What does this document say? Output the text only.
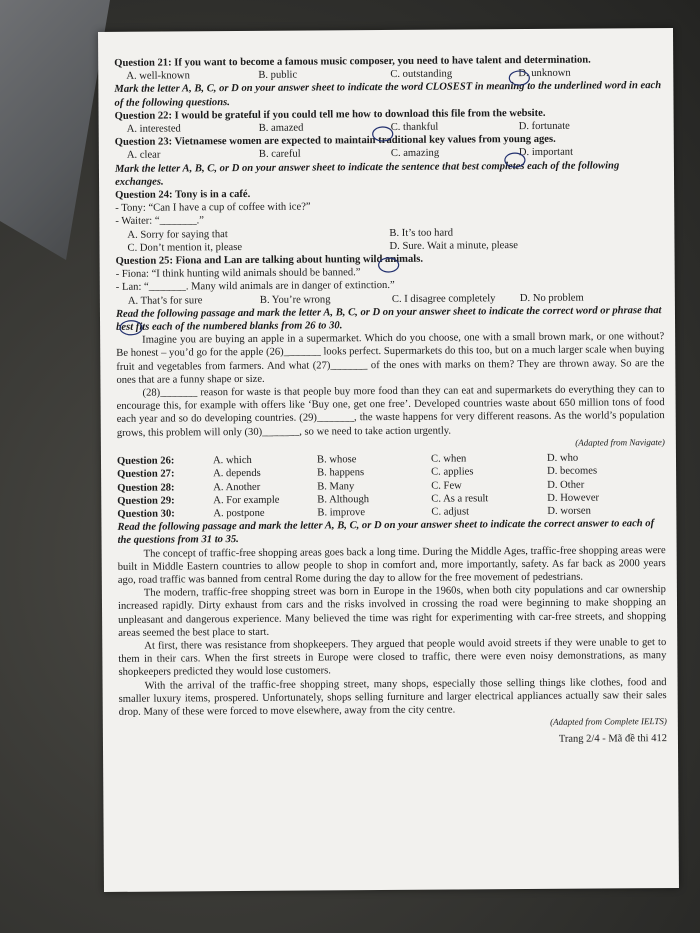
Question 21: If you want to become a famous music composer, you need to have talent and determination.
A. well-known	B. public	C. outstanding	D. unknown
Mark the letter A, B, C, or D on your answer sheet to indicate the word CLOSEST in meaning to the underlined word in each of the following questions.
Question 22: I would be grateful if you could tell me how to download this file from the website.
A. interested	B. amazed	C. thankful	D. fortunate
Question 23: Vietnamese women are expected to maintain traditional key values from young ages.
A. clear	B. careful	C. amazing	D. important
Mark the letter A, B, C, or D on your answer sheet to indicate the sentence that best completes each of the following exchanges.
Question 24: Tony is in a café.
- Tony: “Can I have a cup of coffee with ice?”
- Waiter: “_______.”
A. Sorry for saying that	B. It’s too hard
C. Don’t mention it, please	D. Sure. Wait a minute, please
Question 25: Fiona and Lan are talking about hunting wild animals.
- Fiona: “I think hunting wild animals should be banned.”
- Lan: “_______. Many wild animals are in danger of extinction.”
A. That’s for sure	B. You’re wrong	C. I disagree completely	D. No problem
Read the following passage and mark the letter A, B, C, or D on your answer sheet to indicate the correct word or phrase that best fits each of the numbered blanks from 26 to 30.
Imagine you are buying an apple in a supermarket. Which do you choose, one with a small brown mark, or one without? Be honest – you’d go for the apple (26)_______ looks perfect. Supermarkets do this too, but on a much larger scale when buying fruit and vegetables from farmers. And what (27)_______ of the ones with marks on them? They are thrown away. So are the ones that are a funny shape or size.
(28)_______ reason for waste is that people buy more food than they can eat and supermarkets do everything they can to encourage this, for example with offers like ‘Buy one, get one free’. Developed countries waste about 650 million tons of food each year and so do developing countries. (29)_______, the waste happens for very different reasons. As the world’s population grows, this problem will only (30)_______, so we need to take action urgently.
(Adapted from Navigate)
Question 26:	A. which	B. whose	C. when	D. who
Question 27:	A. depends	B. happens	C. applies	D. becomes
Question 28:	A. Another	B. Many	C. Few	D. Other
Question 29:	A. For example	B. Although	C. As a result	D. However
Question 30:	A. postpone	B. improve	C. adjust	D. worsen
Read the following passage and mark the letter A, B, C, or D on your answer sheet to indicate the correct answer to each of the questions from 31 to 35.
The concept of traffic-free shopping areas goes back a long time. During the Middle Ages, traffic-free shopping areas were built in Middle Eastern countries to allow people to shop in comfort and, more importantly, safety. As far back as 2000 years ago, road traffic was banned from central Rome during the day to allow for the free movement of pedestrians.
The modern, traffic-free shopping street was born in Europe in the 1960s, when both city populations and car ownership increased rapidly. Dirty exhaust from cars and the risks involved in crossing the road were beginning to make shopping an unpleasant and dangerous experience. Many believed the time was right for experimenting with car-free streets, and shopping areas seemed the best place to start.
At first, there was resistance from shopkeepers. They argued that people would avoid streets if they were unable to get to them in their cars. When the first streets in Europe were closed to traffic, there were even noisy demonstrations, as many shopkeepers predicted they would lose customers.
With the arrival of the traffic-free shopping street, many shops, especially those selling things like clothes, food and smaller luxury items, prospered. Unfortunately, shops selling furniture and larger electrical appliances actually saw their sales drop. Many of these were forced to move elsewhere, away from the city centre.
(Adapted from Complete IELTS)
Trang 2/4 - Mã đề thi 412
